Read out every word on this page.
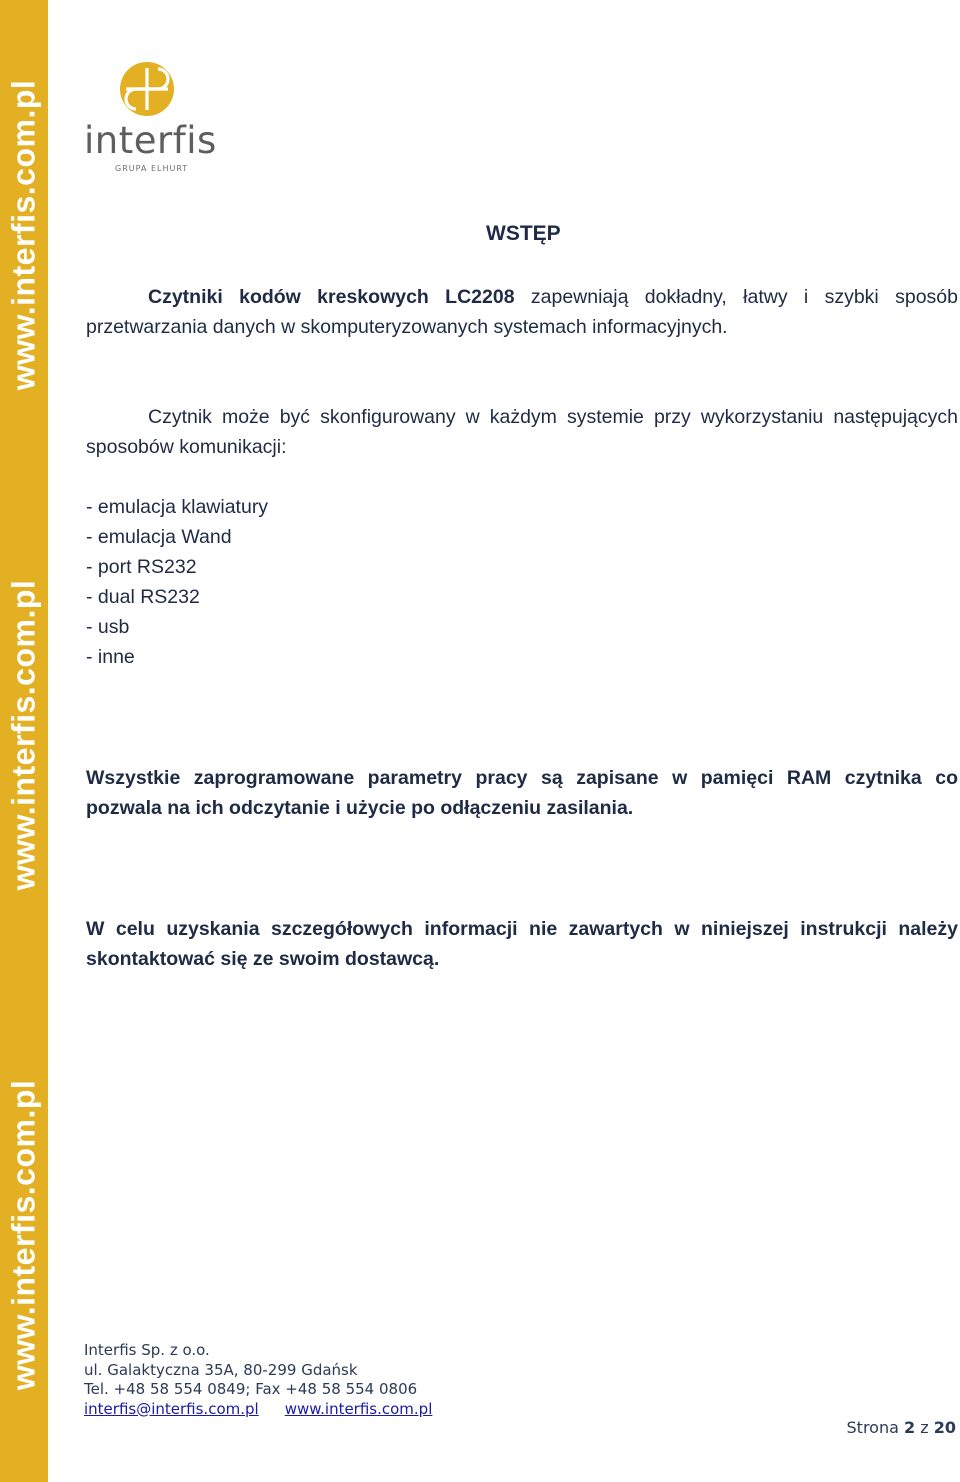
www.interfis.com.pl
www.interfis.com.pl
www.interfis.com.pl
interfis
GRUPA ELHURT
WSTĘP
Czytniki kodów kreskowych LC2208 zapewniają dokładny, łatwy i szybki sposób przetwarzania danych w skomputeryzowanych systemach informacyjnych.
Czytnik może być skonfigurowany w każdym systemie przy wykorzystaniu następujących sposobów komunikacji:
- emulacja klawiatury
- emulacja Wand
- port RS232
- dual RS232
- usb
- inne
Wszystkie zaprogramowane parametry pracy są zapisane w pamięci RAM czytnika co pozwala na ich odczytanie i użycie po odłączeniu zasilania.
W celu uzyskania szczegółowych informacji nie zawartych w niniejszej instrukcji należy skontaktować się ze swoim dostawcą.
Interfis Sp. z o.o.
ul. Galaktyczna 35A, 80-299 Gdańsk
Tel. +48 58 554 0849; Fax +48 58 554 0806
interfis@interfis.com.pl www.interfis.com.pl
Strona 2 z 20
